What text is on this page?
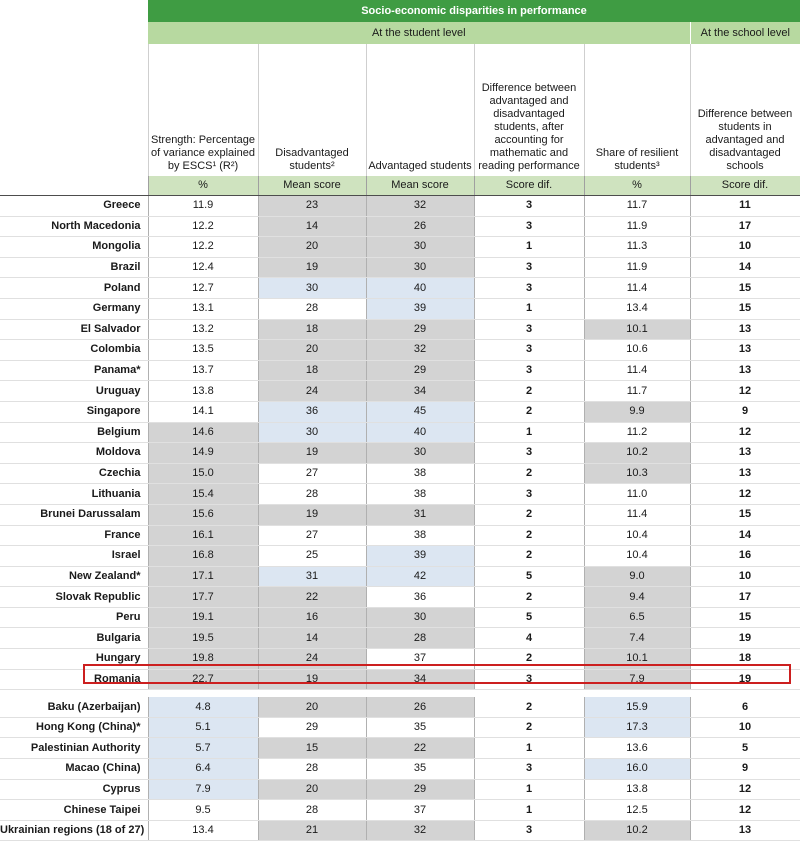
	Socio-economic disparities in performance					
	At the student level					At the school level
	Strength: Percentage of variance explained by ESCS¹ (R²)	Disadvantaged students²	Advantaged students	Difference between advantaged and disadvantaged students, after accounting for mathematic and reading performance	Share of resilient students³	Difference between students in advantaged and disadvantaged schools
	%	Mean score	Mean score	Score dif.	%	Score dif.
Greece	11.9	23	32	3	11.7	11
North Macedonia	12.2	14	26	3	11.9	17
Mongolia	12.2	20	30	1	11.3	10
Brazil	12.4	19	30	3	11.9	14
Poland	12.7	30	40	3	11.4	15
Germany	13.1	28	39	1	13.4	15
El Salvador	13.2	18	29	3	10.1	13
Colombia	13.5	20	32	3	10.6	13
Panama*	13.7	18	29	3	11.4	13
Uruguay	13.8	24	34	2	11.7	12
Singapore	14.1	36	45	2	9.9	9
Belgium	14.6	30	40	1	11.2	12
Moldova	14.9	19	30	3	10.2	13
Czechia	15.0	27	38	2	10.3	13
Lithuania	15.4	28	38	3	11.0	12
Brunei Darussalam	15.6	19	31	2	11.4	15
France	16.1	27	38	2	10.4	14
Israel	16.8	25	39	2	10.4	16
New Zealand*	17.1	31	42	5	9.0	10
Slovak Republic	17.7	22	36	2	9.4	17
Peru	19.1	16	30	5	6.5	15
Bulgaria	19.5	14	28	4	7.4	19
Hungary	19.8	24	37	2	10.1	18
Romania	22.7	19	34	3	7.9	19

Baku (Azerbaijan)	4.8	20	26	2	15.9	6
Hong Kong (China)*	5.1	29	35	2	17.3	10
Palestinian Authority	5.7	15	22	1	13.6	5
Macao (China)	6.4	28	35	3	16.0	9
Cyprus	7.9	20	29	1	13.8	12
Chinese Taipei	9.5	28	37	1	12.5	12
Ukrainian regions (18 of 27)	13.4	21	32	3	10.2	13
